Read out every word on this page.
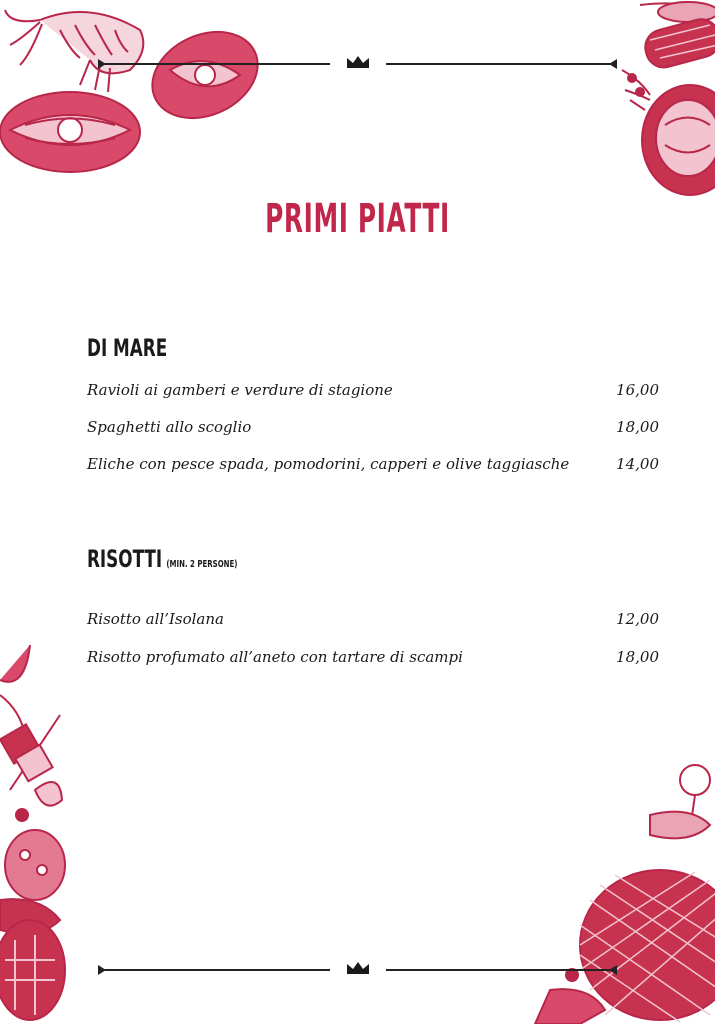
PRIMI PIATTI
DI MARE
Ravioli ai gamberi e verdure di stagione	16,00
Spaghetti allo scoglio	18,00
Eliche con pesce spada, pomodorini, capperi e olive taggiasche	14,00
RISOTTI (MIN. 2 PERSONE)
Risotto all’Isolana	12,00
Risotto profumato all’aneto con tartare di scampi	18,00
